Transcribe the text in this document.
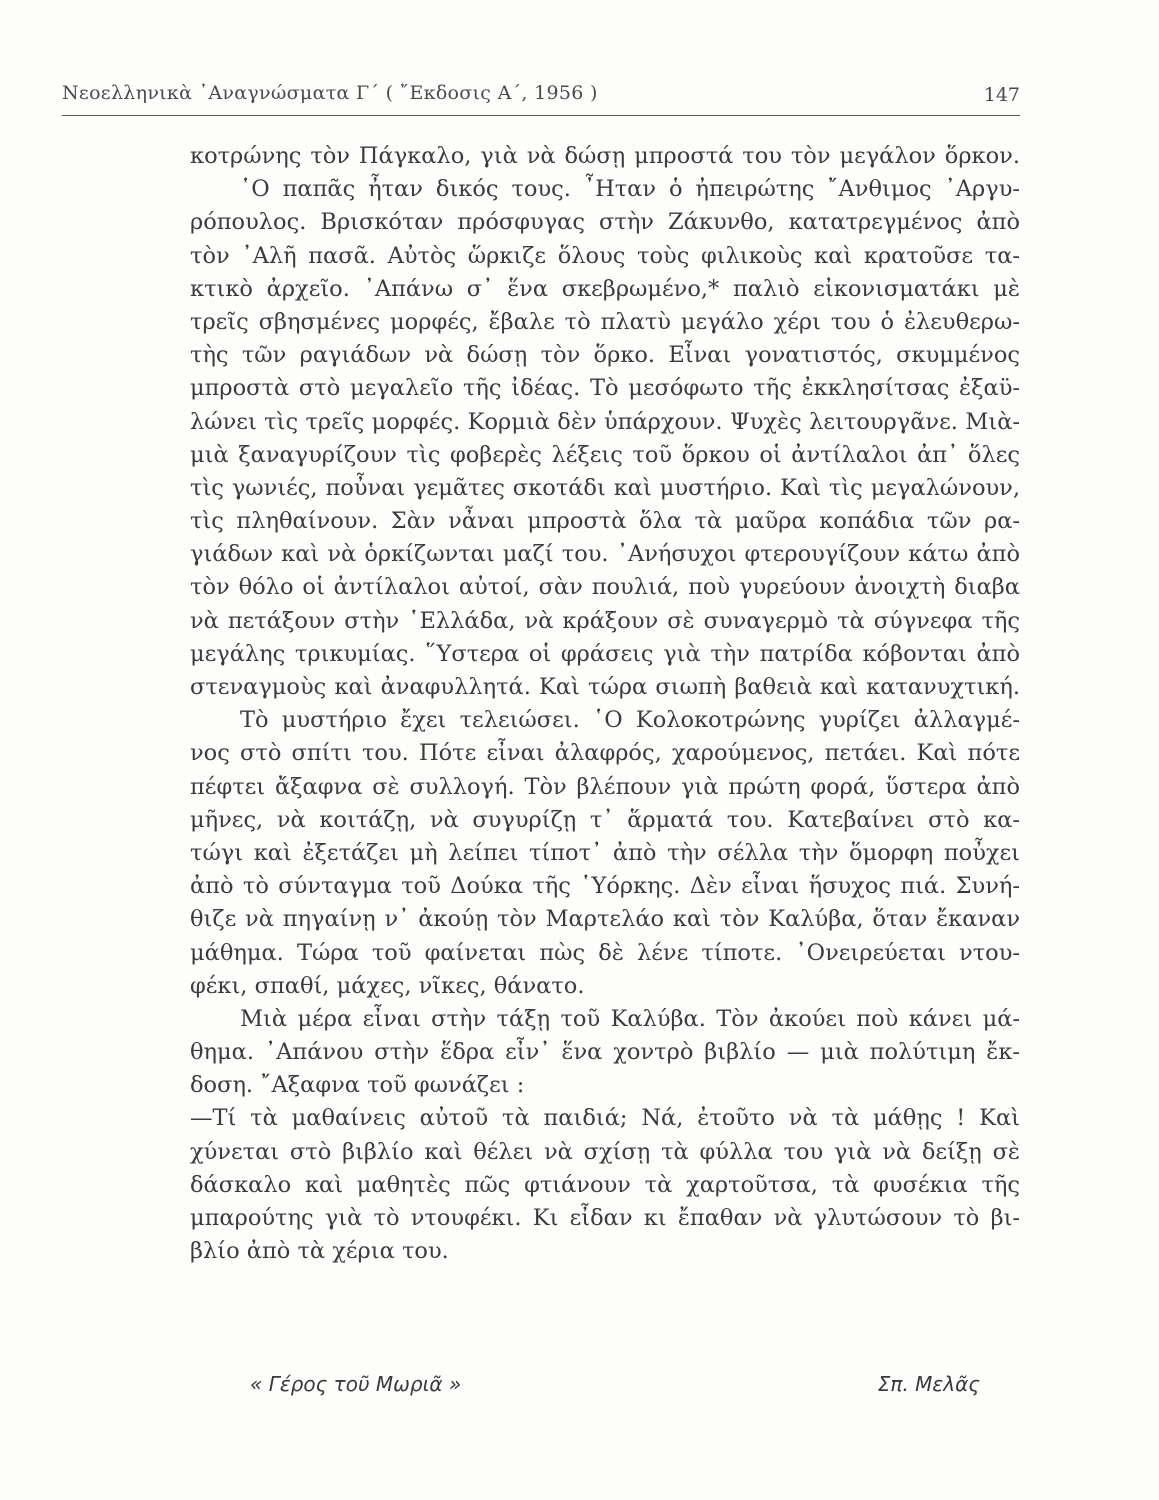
Νεοελληνικὰ ᾿Αναγνώσματα Γ΄ ( ῎Εκδοσις Α΄, 1956 )	147
κοτρώνης τὸν Πάγκαλο, γιὰ νὰ δώσῃ μπροστά του τὸν μεγάλον ὅρκον.
῾Ο παπᾶς ἦταν δικός τους. ῏Ηταν ὁ ἠπειρώτης ῎Ανθιμος ᾿Αργυ-
ρόπουλος. Βρισκόταν πρόσφυγας στὴν Ζάκυνθο, κατατρεγμένος ἀπὸ
τὸν ᾿Αλῆ πασᾶ. Αὐτὸς ὥρκιζε ὅλους τοὺς φιλικοὺς καὶ κρατοῦσε τα-
κτικὸ ἀρχεῖο. ᾿Απάνω σ᾿ ἕνα σκεβρωμένο,* παλιὸ εἰκονισματάκι μὲ
τρεῖς σβησμένες μορφές, ἔβαλε τὸ πλατὺ μεγάλο χέρι του ὁ ἐλευθερω-
τὴς τῶν ραγιάδων νὰ δώσῃ τὸν ὅρκο. Εἶναι γονατιστός, σκυμμένος
μπροστὰ στὸ μεγαλεῖο τῆς ἰδέας. Τὸ μεσόφωτο τῆς ἐκκλησίτσας ἐξαϋ-
λώνει τὶς τρεῖς μορφές. Κορμιὰ δὲν ὑπάρχουν. Ψυχὲς λειτουργᾶνε. Μιὰ-
μιὰ ξαναγυρίζουν τὶς φοβερὲς λέξεις τοῦ ὅρκου οἱ ἀντίλαλοι ἀπ᾿ ὅλες
τὶς γωνιές, ποὖναι γεμᾶτες σκοτάδι καὶ μυστήριο. Καὶ τὶς μεγαλώνουν,
τὶς πληθαίνουν. Σὰν νἆναι μπροστὰ ὅλα τὰ μαῦρα κοπάδια τῶν ρα-
γιάδων καὶ νὰ ὁρκίζωνται μαζί του. ᾿Ανήσυχοι φτερουγίζουν κάτω ἀπὸ
τὸν θόλο οἱ ἀντίλαλοι αὐτοί, σὰν πουλιά, ποὺ γυρεύουν ἀνοιχτὴ διαβα
νὰ πετάξουν στὴν ῾Ελλάδα, νὰ κράξουν σὲ συναγερμὸ τὰ σύγνεφα τῆς
μεγάλης τρικυμίας. ῞Υστερα οἱ φράσεις γιὰ τὴν πατρίδα κόβονται ἀπὸ
στεναγμοὺς καὶ ἀναφυλλητά. Καὶ τώρα σιωπὴ βαθειὰ καὶ κατανυχτική.
Τὸ μυστήριο ἔχει τελειώσει. ῾Ο Κολοκοτρώνης γυρίζει ἀλλαγμέ-
νος στὸ σπίτι του. Πότε εἶναι ἀλαφρός, χαρούμενος, πετάει. Καὶ πότε
πέφτει ἄξαφνα σὲ συλλογή. Τὸν βλέπουν γιὰ πρώτη φορά, ὕστερα ἀπὸ
μῆνες, νὰ κοιτάζῃ, νὰ συγυρίζῃ τ᾿ ἅρματά του. Κατεβαίνει στὸ κα-
τώγι καὶ ἐξετάζει μὴ λείπει τίποτ᾿ ἀπὸ τὴν σέλλα τὴν ὅμορφη ποὖχει
ἀπὸ τὸ σύνταγμα τοῦ Δούκα τῆς ῾Υόρκης. Δὲν εἶναι ἥσυχος πιά. Συνή-
θιζε νὰ πηγαίνῃ ν᾿ ἀκούῃ τὸν Μαρτελάο καὶ τὸν Καλύβα, ὅταν ἔκαναν
μάθημα. Τώρα τοῦ φαίνεται πὼς δὲ λένε τίποτε. ᾿Ονειρεύεται ντου-
φέκι, σπαθί, μάχες, νῖκες, θάνατο.
Μιὰ μέρα εἶναι στὴν τάξῃ τοῦ Καλύβα. Τὸν ἀκούει ποὺ κάνει μά-
θημα. ᾿Απάνου στὴν ἕδρα εἶν᾿ ἕνα χοντρὸ βιβλίο — μιὰ πολύτιμη ἔκ-
δοση. ῎Αξαφνα τοῦ φωνάζει :
—Τί τὰ μαθαίνεις αὐτοῦ τὰ παιδιά; Νά, ἐτοῦτο νὰ τὰ μάθῃς ! Καὶ
χύνεται στὸ βιβλίο καὶ θέλει νὰ σχίσῃ τὰ φύλλα του γιὰ νὰ δείξῃ σὲ
δάσκαλο καὶ μαθητὲς πῶς φτιάνουν τὰ χαρτοῦτσα, τὰ φυσέκια τῆς
μπαρούτης γιὰ τὸ ντουφέκι. Κι εἶδαν κι ἔπαθαν νὰ γλυτώσουν τὸ βι-
βλίο ἀπὸ τὰ χέρια του.
« Γέρος τοῦ Μωριᾶ »	Σπ. Μελᾶς
